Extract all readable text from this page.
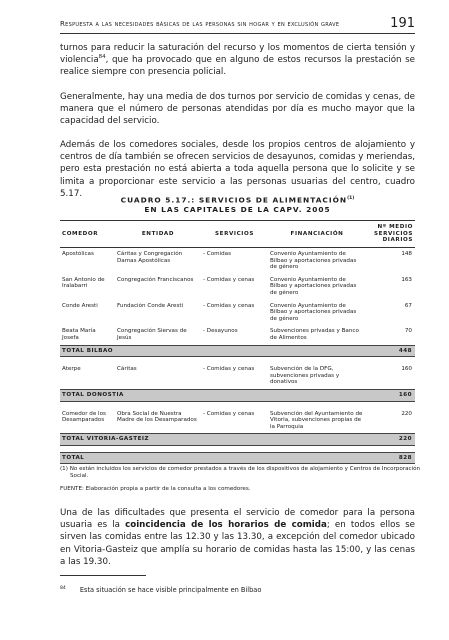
Respuesta a las necesidades básicas de las personas sin hogar y en exclusión grave	191

turnos para reducir la saturación del recurso y los momentos de cierta tensión y violencia$^{84}$, que ha provocado que en alguno de estos recursos la prestación se realice siempre con presencia policial.

Generalmente, hay una media de dos turnos por servicio de comidas y cenas, de manera que el número de personas atendidas por día es mucho mayor que la capacidad del servicio.

Además de los comedores sociales, desde los propios centros de alojamiento y centros de día también se ofrecen servicios de desayunos, comidas y meriendas, pero esta prestación no está abierta a toda aquella persona que lo solicite y se limita a proporcionar este servicio a las personas usuarias del centro, cuadro 5.17.

CUADRO 5.17.: SERVICIOS DE ALIMENTACIÓN$^{(1)}$
EN LAS CAPITALES DE LA CAPV. 2005
COMEDOR	ENTIDAD	SERVICIOS	FINANCIACIÓN	Nº MEDIO SERVICIOS DIARIOS
Apostólicas	Cáritas y Congregación Damas Apostólicas	- Comidas	Convenio Ayuntamiento de Bilbao y aportaciones privadas de género	148
San Antonio de Iralabarri	Congregación Franciscanos	- Comidas y cenas	Convenio Ayuntamiento de Bilbao y aportaciones privadas de género	163
Conde Aresti	Fundación Conde Aresti	- Comidas y cenas	Convenio Ayuntamiento de Bilbao y aportaciones privadas de género	67
Beata María Josefa	Congregación Siervas de Jesús	- Desayunos	Subvenciones privadas y Banco de Alimentos	70
TOTAL BILBAO				448

Aterpe	Cáritas	- Comidas y cenas	Subvención de la DFG, subvenciones privadas y donativos	160
TOTAL DONOSTIA				160

Comedor de los Desamparados	Obra Social de Nuestra Madre de los Desamparados	- Comidas y cenas	Subvención del Ayuntamiento de Vitoria, subvenciones propias de la Parroquia	220
TOTAL VITORIA-GASTEIZ				220

TOTAL				828
(1) No están incluidos los servicios de comedor prestados a través de los dispositivos de alojamiento y Centros de Incorporación Social.
FUENTE: Elaboración propia a partir de la consulta a los comedores.

Una de las dificultades que presenta el servicio de comedor para la persona usuaria es la coincidencia de los horarios de comida; en todos ellos se sirven las comidas entre las 12.30 y las 13.30, a excepción del comedor ubicado en Vitoria-Gasteiz que amplía su horario de comidas hasta las 15:00, y las cenas a las 19.30.

$^{84}$ Esta situación se hace visible principalmente en Bilbao
